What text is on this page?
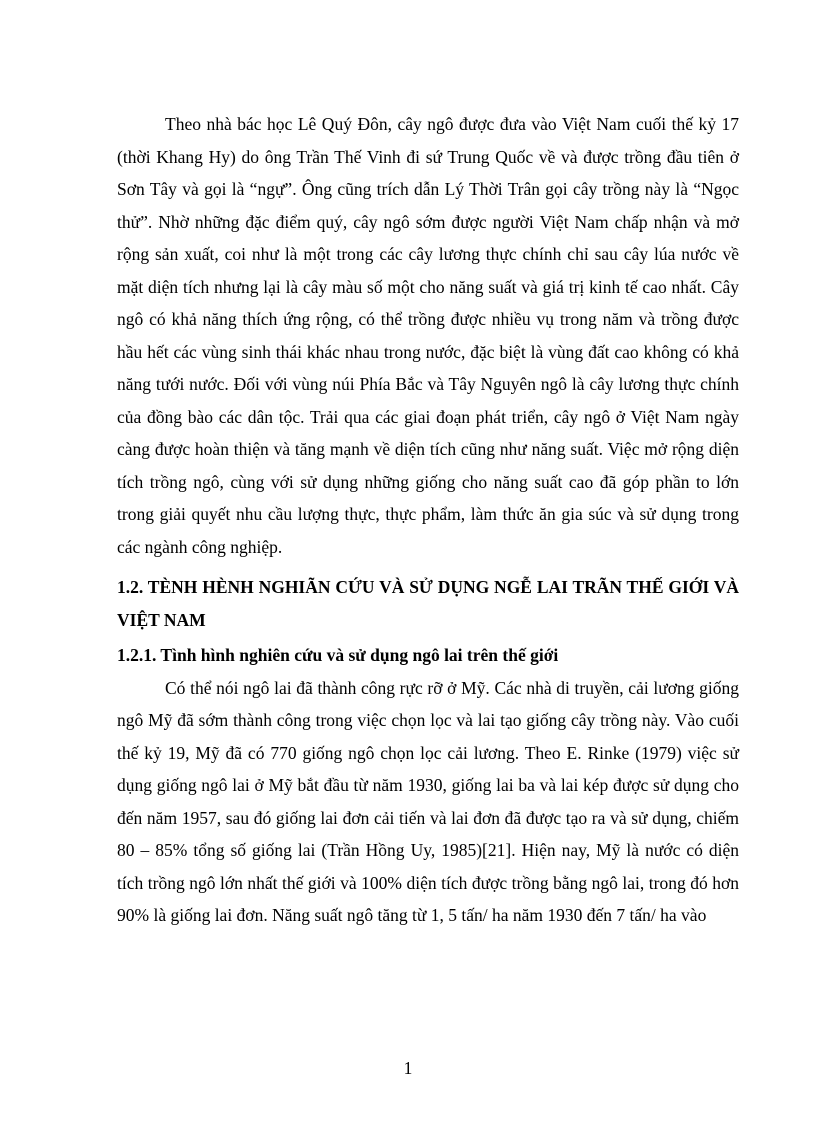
Theo nhà bác học Lê Quý Đôn, cây ngô được đưa vào Việt Nam cuối thế kỷ 17 (thời Khang Hy) do ông Trần Thế Vinh đi sứ Trung Quốc về và được trồng đầu tiên ở Sơn Tây và gọi là “ngự”. Ông cũng trích dẫn Lý Thời Trân gọi cây trồng này là “Ngọc thử”. Nhờ những đặc điểm quý, cây ngô sớm được người Việt Nam chấp nhận và mở rộng sản xuất, coi như là một trong các cây lương thực chính chỉ sau cây lúa nước về mặt diện tích nhưng lại là cây màu số một cho năng suất và giá trị kinh tế cao nhất. Cây ngô có khả năng thích ứng rộng, có thể trồng được nhiều vụ trong năm và trồng được hầu hết các vùng sinh thái khác nhau trong nước, đặc biệt là vùng đất cao không có khả năng tưới nước. Đối với vùng núi Phía Bắc và Tây Nguyên ngô là cây lương thực chính của đồng bào các dân tộc. Trải qua các giai đoạn phát triển, cây ngô ở Việt Nam ngày càng được hoàn thiện và tăng mạnh về diện tích cũng như năng suất. Việc mở rộng diện tích trồng ngô, cùng với sử dụng những giống cho năng suất cao đã góp phần to lớn trong giải quyết nhu cầu lượng thực, thực phẩm, làm thức ăn gia súc và sử dụng trong các ngành công nghiệp.

1.2. TÈNH HÈNH NGHIÃN CỨU VÀ SỬ DỤNG NGỄ LAI TRÃN THẾ GIỚI VÀ VIỆT NAM

1.2.1. Tình hình nghiên cứu và sử dụng ngô lai trên thế giới

Có thể nói ngô lai đã thành công rực rỡ ở Mỹ. Các nhà di truyền, cải lương giống ngô Mỹ đã sớm thành công trong việc chọn lọc và lai tạo giống cây trồng này. Vào cuối thế kỷ 19, Mỹ đã có 770 giống ngô chọn lọc cải lương. Theo E. Rinke (1979) việc sử dụng giống ngô lai ở Mỹ bắt đầu từ năm 1930, giống lai ba và lai kép được sử dụng cho đến năm 1957, sau đó giống lai đơn cải tiến và lai đơn đã được tạo ra và sử dụng, chiếm 80 – 85% tổng số giống lai (Trần Hồng Uy, 1985)[21]. Hiện nay, Mỹ là nước có diện tích trồng ngô lớn nhất thế giới và 100% diện tích được trồng bằng ngô lai, trong đó hơn 90% là giống lai đơn. Năng suất ngô tăng từ 1, 5 tấn/ ha năm 1930 đến 7 tấn/ ha vào

1
